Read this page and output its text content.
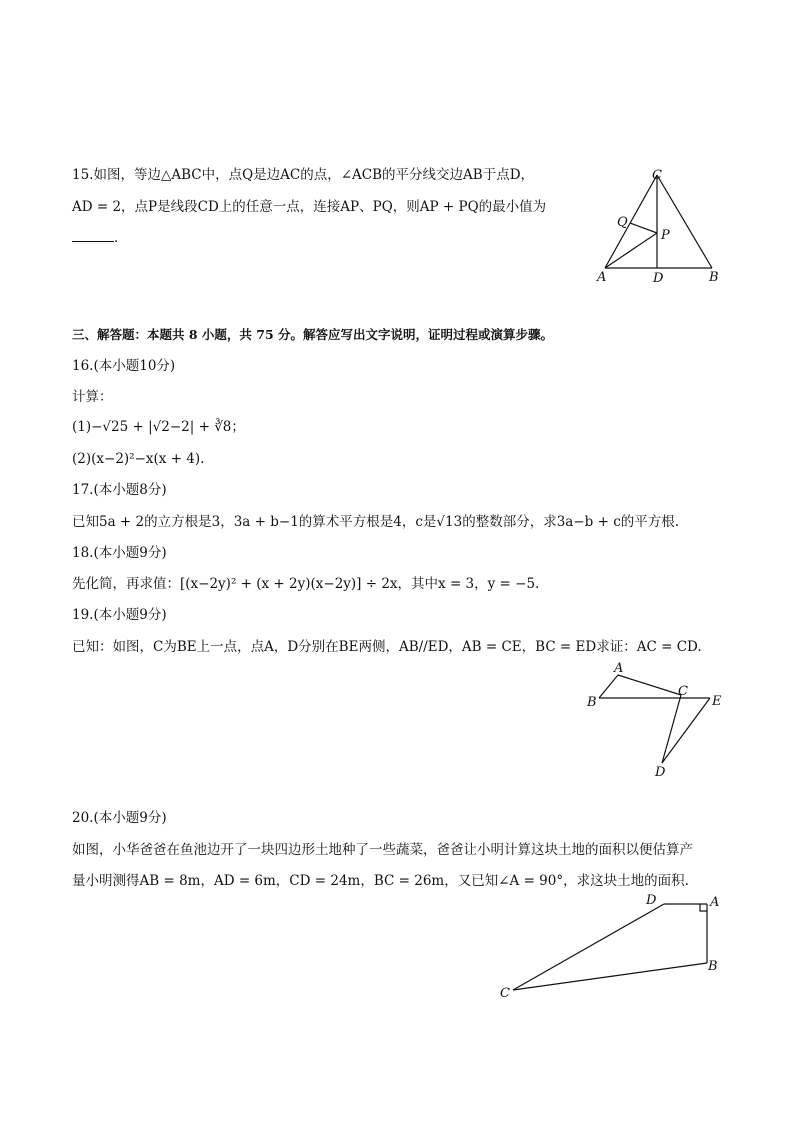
15.如图，等边△ABC中，点Q是边AC的点，∠ACB的平分线交边AB于点D，
AD = 2，点P是线段CD上的任意一点，连接AP、PQ，则AP + PQ的最小值为
．
C
Q
P
A	D	B
三、解答题：本题共 8 小题，共 75 分。解答应写出文字说明，证明过程或演算步骤。
16.(本小题10分)
计算：
(1)−√25 + |√2−2| + ∛8；
(2)(x−2)²−x(x + 4).
17.(本小题8分)
已知5a + 2的立方根是3，3a + b−1的算术平方根是4，c是√13的整数部分，求3a−b + c的平方根.
18.(本小题9分)
先化简，再求值：[(x−2y)² + (x + 2y)(x−2y)] ÷ 2x，其中x = 3，y = −5.
19.(本小题9分)
已知：如图，C为BE上一点，点A，D分别在BE两侧，AB//ED，AB = CE，BC = ED求证：AC = CD.
A
B
C
E
D
20.(本小题9分)
如图，小华爸爸在鱼池边开了一块四边形土地种了一些蔬菜，爸爸让小明计算这块土地的面积以便估算产
量小明测得AB = 8m，AD = 6m，CD = 24m，BC = 26m，又已知∠A = 90°，求这块土地的面积.
D	A
B
C
